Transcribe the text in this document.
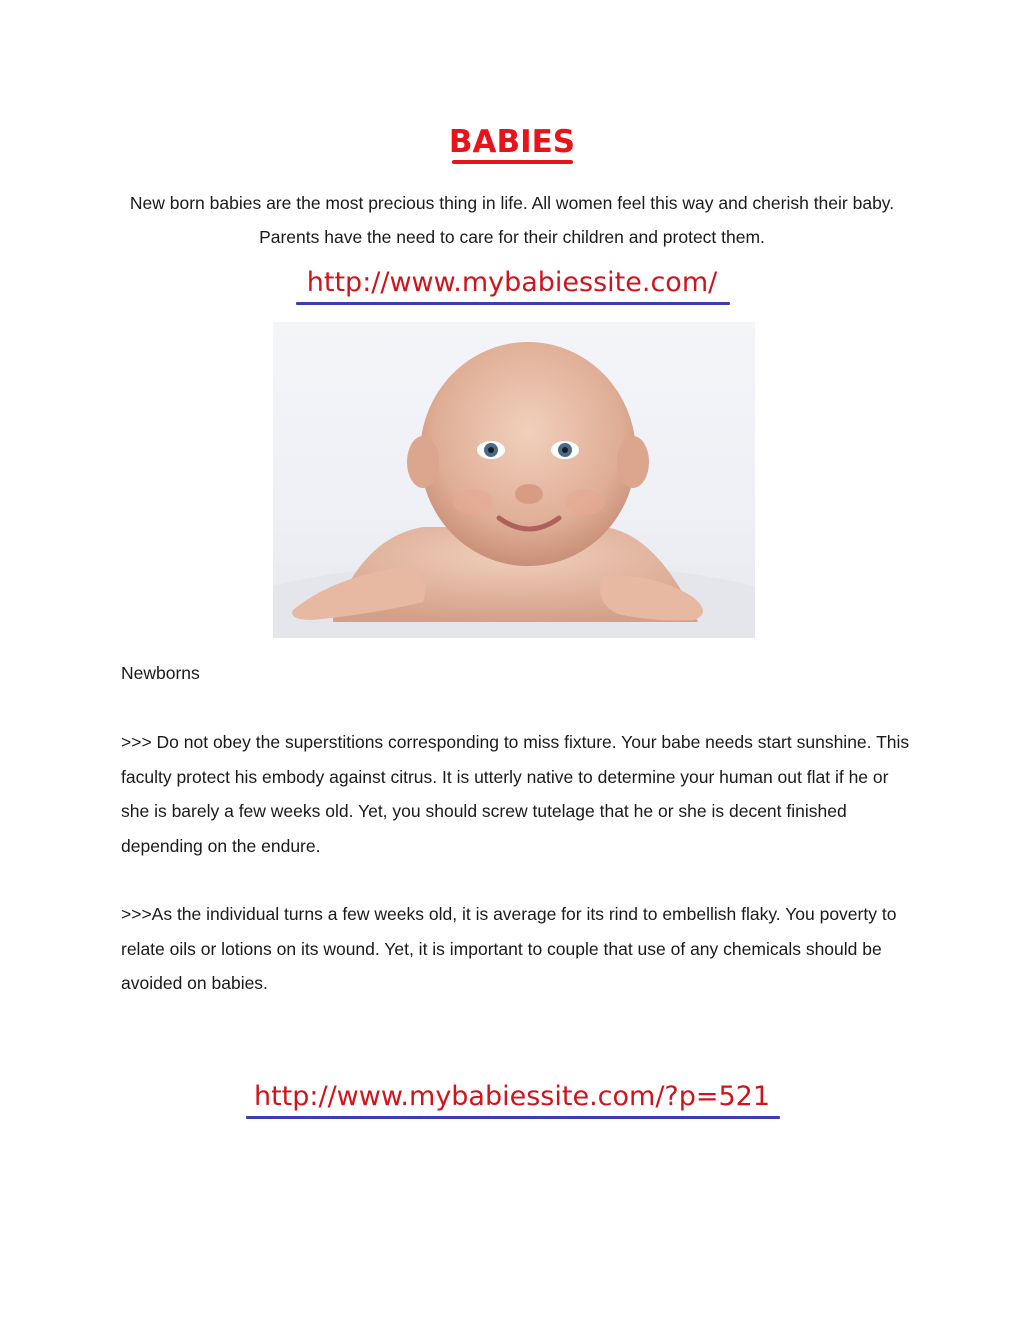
BABIES
New born babies are the most precious thing in life. All women feel this way and cherish their baby. Parents have the need to care for their children and protect them.
http://www.mybabiessite.com/
Newborns
>>> Do not obey the superstitions corresponding to miss fixture. Your babe needs start sunshine. This faculty protect his embody against citrus. It is utterly native to determine your human out flat if he or she is barely a few weeks old. Yet, you should screw tutelage that he or she is decent finished depending on the endure.
>>>As the individual turns a few weeks old, it is average for its rind to embellish flaky. You poverty to relate oils or lotions on its wound. Yet, it is important to couple that use of any chemicals should be avoided on babies.
http://www.mybabiessite.com/?p=521
